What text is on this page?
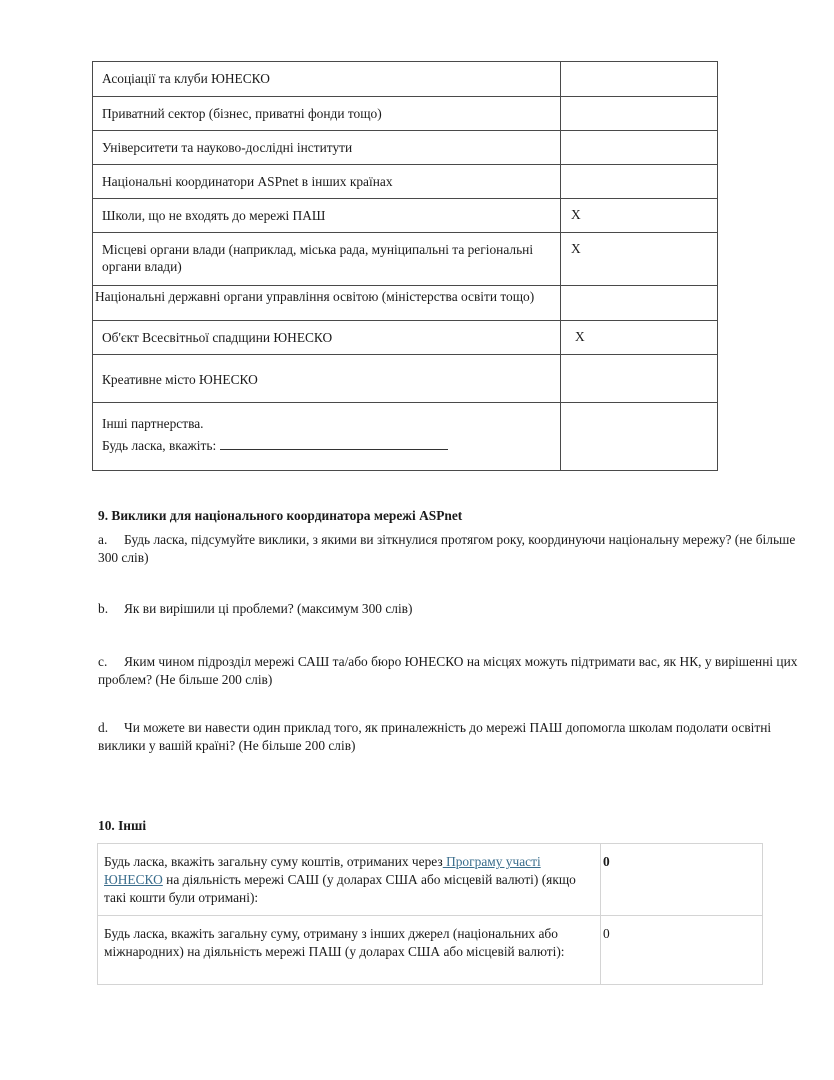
Асоціації та клуби ЮНЕСКО	
Приватний сектор (бізнес, приватні фонди тощо)	
Університети та науково-дослідні інститути	
Національні координатори ASPnet в інших країнах	
Школи, що не входять до мережі ПАШ	X
Місцеві органи влади (наприклад, міська рада, муніципальні та регіональні органи влади)	X
Національні державні органи управління освітою (міністерства освіти тощо)	
Об'єкт Всесвітньої спадщини ЮНЕСКО	X
Креативне місто ЮНЕСКО	

Інші партнерства.
Будь ласка, вкажіть:	

9. Виклики для національного координатора мережі ASPnet
a. Будь ласка, підсумуйте виклики, з якими ви зіткнулися протягом року, координуючи національну мережу? (не більше 300 слів)
b. Як ви вирішили ці проблеми? (максимум 300 слів)
c. Яким чином підрозділ мережі САШ та/або бюро ЮНЕСКО на місцях можуть підтримати вас, як НК, у вирішенні цих проблем? (Не більше 200 слів)
d. Чи можете ви навести один приклад того, як приналежність до мережі ПАШ допомогла школам подолати освітні виклики у вашій країні? (Не більше 200 слів)
10. Інші
Будь ласка, вкажіть загальну суму коштів, отриманих через Програму участі ЮНЕСКО на діяльність мережі САШ (у доларах США або місцевій валюті) (якщо такі кошти були отримані):	0
Будь ласка, вкажіть загальну суму, отриману з інших джерел (національних або міжнародних) на діяльність мережі ПАШ (у доларах США або місцевій валюті):	0
